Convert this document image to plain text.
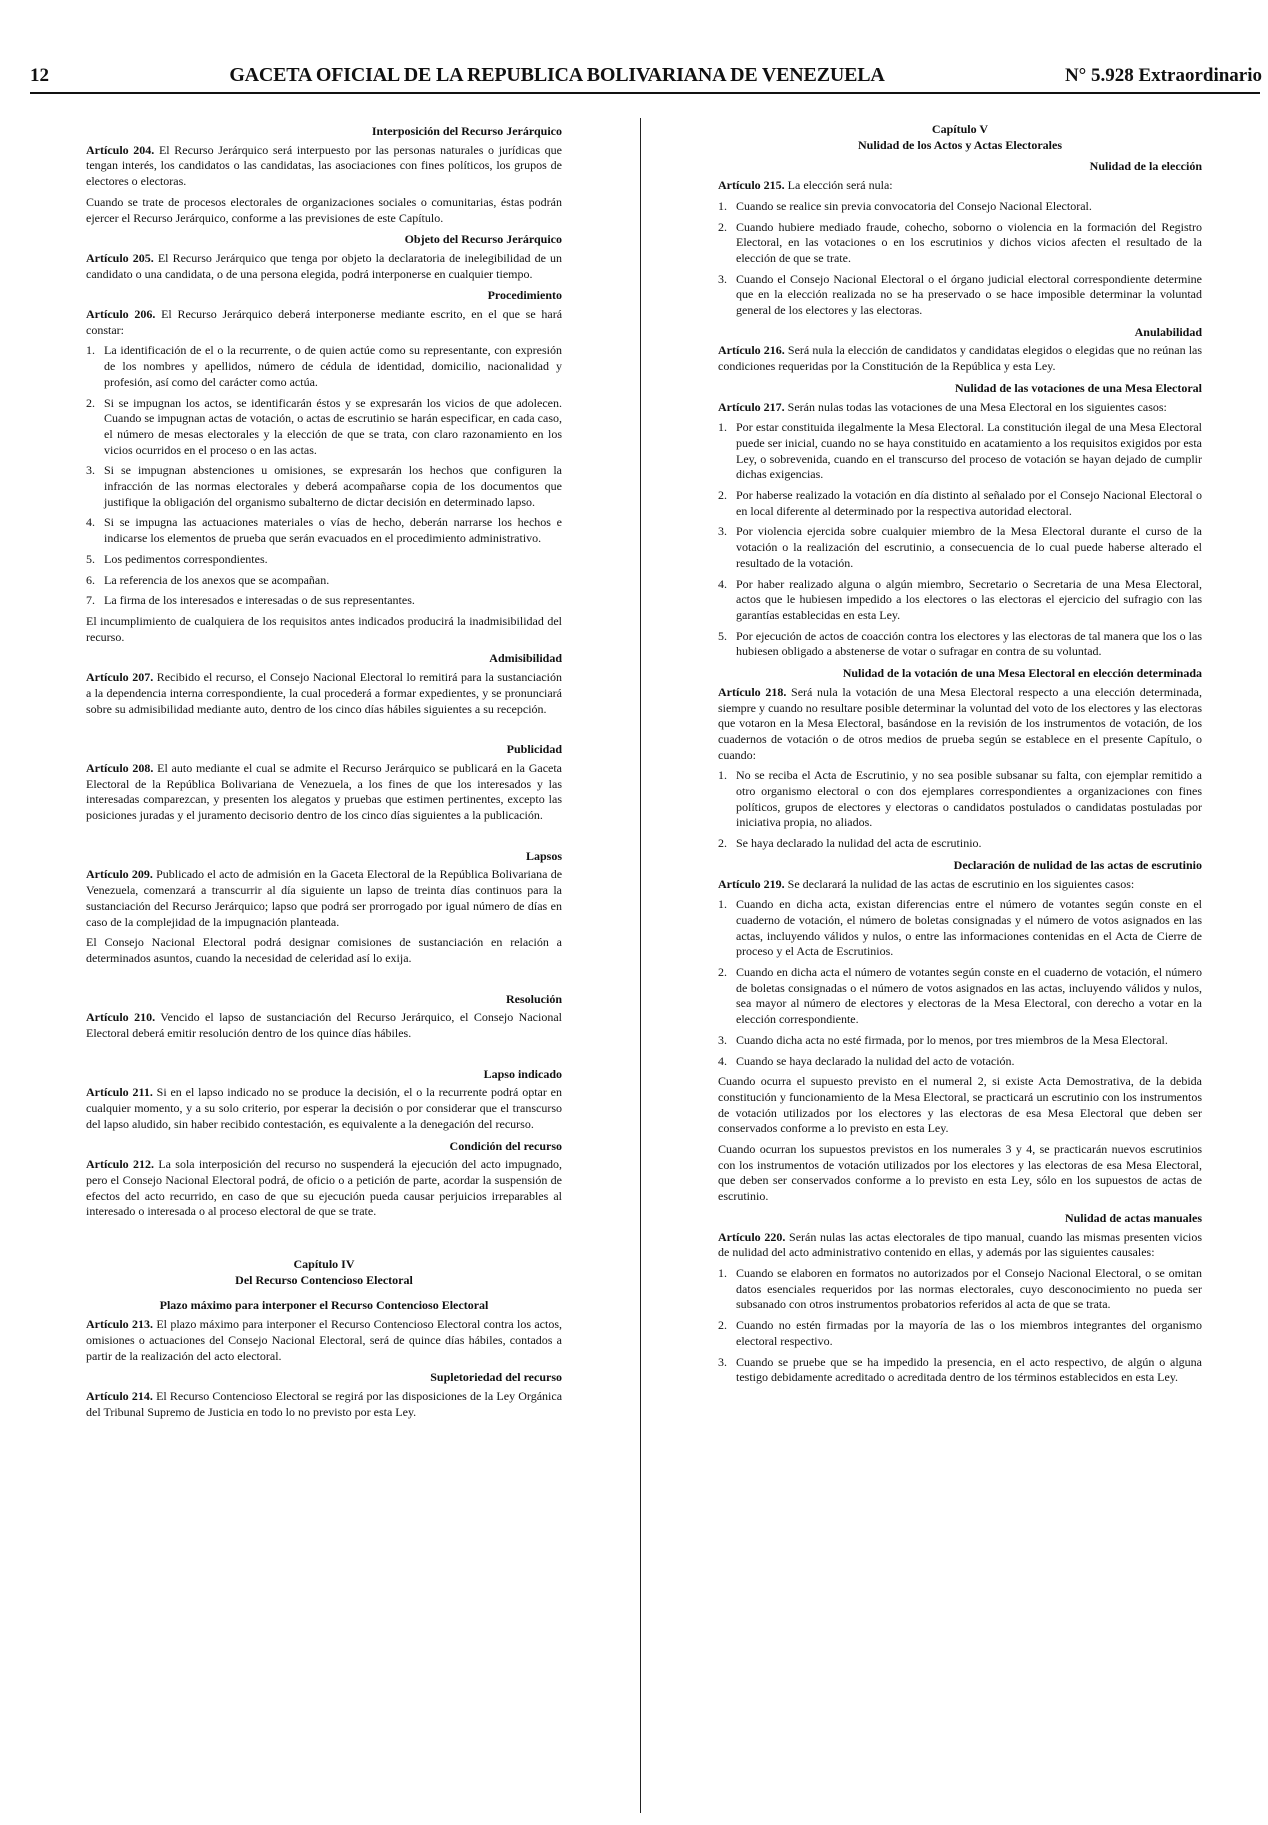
12	GACETA OFICIAL DE LA REPUBLICA BOLIVARIANA DE VENEZUELA	N° 5.928 Extraordinario
Interposición del Recurso Jerárquico

Artículo 204. El Recurso Jerárquico será interpuesto por las personas naturales o jurídicas que tengan interés, los candidatos o las candidatas, las asociaciones con fines políticos, los grupos de electores o electoras.

Cuando se trate de procesos electorales de organizaciones sociales o comunitarias, éstas podrán ejercer el Recurso Jerárquico, conforme a las previsiones de este Capítulo.

Objeto del Recurso Jerárquico

Artículo 205. El Recurso Jerárquico que tenga por objeto la declaratoria de inelegibilidad de un candidato o una candidata, o de una persona elegida, podrá interponerse en cualquier tiempo.

Procedimiento

Artículo 206. El Recurso Jerárquico deberá interponerse mediante escrito, en el que se hará constar:

1. La identificación de el o la recurrente, o de quien actúe como su representante, con expresión de los nombres y apellidos, número de cédula de identidad, domicilio, nacionalidad y profesión, así como del carácter como actúa.
2. Si se impugnan los actos, se identificarán éstos y se expresarán los vicios de que adolecen. Cuando se impugnan actas de votación, o actas de escrutinio se harán especificar, en cada caso, el número de mesas electorales y la elección de que se trata, con claro razonamiento en los vicios ocurridos en el proceso o en las actas.
3. Si se impugnan abstenciones u omisiones, se expresarán los hechos que configuren la infracción de las normas electorales y deberá acompañarse copia de los documentos que justifique la obligación del organismo subalterno de dictar decisión en determinado lapso.
4. Si se impugna las actuaciones materiales o vías de hecho, deberán narrarse los hechos e indicarse los elementos de prueba que serán evacuados en el procedimiento administrativo.
5. Los pedimentos correspondientes.
6. La referencia de los anexos que se acompañan.
7. La firma de los interesados e interesadas o de sus representantes.

El incumplimiento de cualquiera de los requisitos antes indicados producirá la inadmisibilidad del recurso.

Admisibilidad

Artículo 207. Recibido el recurso, el Consejo Nacional Electoral lo remitirá para la sustanciación a la dependencia interna correspondiente, la cual procederá a formar expedientes, y se pronunciará sobre su admisibilidad mediante auto, dentro de los cinco días hábiles siguientes a su recepción.

Publicidad

Artículo 208. El auto mediante el cual se admite el Recurso Jerárquico se publicará en la Gaceta Electoral de la República Bolivariana de Venezuela, a los fines de que los interesados y las interesadas comparezcan, y presenten los alegatos y pruebas que estimen pertinentes, excepto las posiciones juradas y el juramento decisorio dentro de los cinco días siguientes a la publicación.

Lapsos

Artículo 209. Publicado el acto de admisión en la Gaceta Electoral de la República Bolivariana de Venezuela, comenzará a transcurrir al día siguiente un lapso de treinta días continuos para la sustanciación del Recurso Jerárquico; lapso que podrá ser prorrogado por igual número de días en caso de la complejidad de la impugnación planteada.

El Consejo Nacional Electoral podrá designar comisiones de sustanciación en relación a determinados asuntos, cuando la necesidad de celeridad así lo exija.

Resolución

Artículo 210. Vencido el lapso de sustanciación del Recurso Jerárquico, el Consejo Nacional Electoral deberá emitir resolución dentro de los quince días hábiles.

Lapso indicado

Artículo 211. Si en el lapso indicado no se produce la decisión, el o la recurrente podrá optar en cualquier momento, y a su solo criterio, por esperar la decisión o por considerar que el transcurso del lapso aludido, sin haber recibido contestación, es equivalente a la denegación del recurso.

Condición del recurso

Artículo 212. La sola interposición del recurso no suspenderá la ejecución del acto impugnado, pero el Consejo Nacional Electoral podrá, de oficio o a petición de parte, acordar la suspensión de efectos del acto recurrido, en caso de que su ejecución pueda causar perjuicios irreparables al interesado o interesada o al proceso electoral de que se trate.

Capítulo IV
Del Recurso Contencioso Electoral
Plazo máximo para interponer el Recurso Contencioso Electoral

Artículo 213. El plazo máximo para interponer el Recurso Contencioso Electoral contra los actos, omisiones o actuaciones del Consejo Nacional Electoral, será de quince días hábiles, contados a partir de la realización del acto electoral.

Supletoriedad del recurso

Artículo 214. El Recurso Contencioso Electoral se regirá por las disposiciones de la Ley Orgánica del Tribunal Supremo de Justicia en todo lo no previsto por esta Ley.

Capítulo V
Nulidad de los Actos y Actas Electorales
Nulidad de la elección

Artículo 215. La elección será nula:

1. Cuando se realice sin previa convocatoria del Consejo Nacional Electoral.
2. Cuando hubiere mediado fraude, cohecho, soborno o violencia en la formación del Registro Electoral, en las votaciones o en los escrutinios y dichos vicios afecten el resultado de la elección de que se trate.
3. Cuando el Consejo Nacional Electoral o el órgano judicial electoral correspondiente determine que en la elección realizada no se ha preservado o se hace imposible determinar la voluntad general de los electores y las electoras.
Anulabilidad

Artículo 216. Será nula la elección de candidatos y candidatas elegidos o elegidas que no reúnan las condiciones requeridas por la Constitución de la República y esta Ley.

Nulidad de las votaciones de una Mesa Electoral

Artículo 217. Serán nulas todas las votaciones de una Mesa Electoral en los siguientes casos:

1. Por estar constituida ilegalmente la Mesa Electoral. La constitución ilegal de una Mesa Electoral puede ser inicial, cuando no se haya constituido en acatamiento a los requisitos exigidos por esta Ley, o sobrevenida, cuando en el transcurso del proceso de votación se hayan dejado de cumplir dichas exigencias.
2. Por haberse realizado la votación en día distinto al señalado por el Consejo Nacional Electoral o en local diferente al determinado por la respectiva autoridad electoral.
3. Por violencia ejercida sobre cualquier miembro de la Mesa Electoral durante el curso de la votación o la realización del escrutinio, a consecuencia de lo cual puede haberse alterado el resultado de la votación.
4. Por haber realizado alguna o algún miembro, Secretario o Secretaria de una Mesa Electoral, actos que le hubiesen impedido a los electores o las electoras el ejercicio del sufragio con las garantías establecidas en esta Ley.
5. Por ejecución de actos de coacción contra los electores y las electoras de tal manera que los o las hubiesen obligado a abstenerse de votar o sufragar en contra de su voluntad.
Nulidad de la votación de una Mesa Electoral en elección determinada

Artículo 218. Será nula la votación de una Mesa Electoral respecto a una elección determinada, siempre y cuando no resultare posible determinar la voluntad del voto de los electores y las electoras que votaron en la Mesa Electoral, basándose en la revisión de los instrumentos de votación, de los cuadernos de votación o de otros medios de prueba según se establece en el presente Capítulo, o cuando:

1. No se reciba el Acta de Escrutinio, y no sea posible subsanar su falta, con ejemplar remitido a otro organismo electoral o con dos ejemplares correspondientes a organizaciones con fines políticos, grupos de electores y electoras o candidatos postulados o candidatas postuladas por iniciativa propia, no aliados.
2. Se haya declarado la nulidad del acta de escrutinio.
Declaración de nulidad de las actas de escrutinio

Artículo 219. Se declarará la nulidad de las actas de escrutinio en los siguientes casos:

1. Cuando en dicha acta, existan diferencias entre el número de votantes según conste en el cuaderno de votación, el número de boletas consignadas y el número de votos asignados en las actas, incluyendo válidos y nulos, o entre las informaciones contenidas en el Acta de Cierre de proceso y el Acta de Escrutinios.
2. Cuando en dicha acta el número de votantes según conste en el cuaderno de votación, el número de boletas consignadas o el número de votos asignados en las actas, incluyendo válidos y nulos, sea mayor al número de electores y electoras de la Mesa Electoral, con derecho a votar en la elección correspondiente.
3. Cuando dicha acta no esté firmada, por lo menos, por tres miembros de la Mesa Electoral.
4. Cuando se haya declarado la nulidad del acto de votación.

Cuando ocurra el supuesto previsto en el numeral 2, si existe Acta Demostrativa, de la debida constitución y funcionamiento de la Mesa Electoral, se practicará un escrutinio con los instrumentos de votación utilizados por los electores y las electoras de esa Mesa Electoral que deben ser conservados conforme a lo previsto en esta Ley.

Cuando ocurran los supuestos previstos en los numerales 3 y 4, se practicarán nuevos escrutinios con los instrumentos de votación utilizados por los electores y las electoras de esa Mesa Electoral, que deben ser conservados conforme a lo previsto en esta Ley, sólo en los supuestos de actas de escrutinio.

Nulidad de actas manuales

Artículo 220. Serán nulas las actas electorales de tipo manual, cuando las mismas presenten vicios de nulidad del acto administrativo contenido en ellas, y además por las siguientes causales:

1. Cuando se elaboren en formatos no autorizados por el Consejo Nacional Electoral, o se omitan datos esenciales requeridos por las normas electorales, cuyo desconocimiento no pueda ser subsanado con otros instrumentos probatorios referidos al acta de que se trata.
2. Cuando no estén firmadas por la mayoría de las o los miembros integrantes del organismo electoral respectivo.
3. Cuando se pruebe que se ha impedido la presencia, en el acto respectivo, de algún o alguna testigo debidamente acreditado o acreditada dentro de los términos establecidos en esta Ley.
